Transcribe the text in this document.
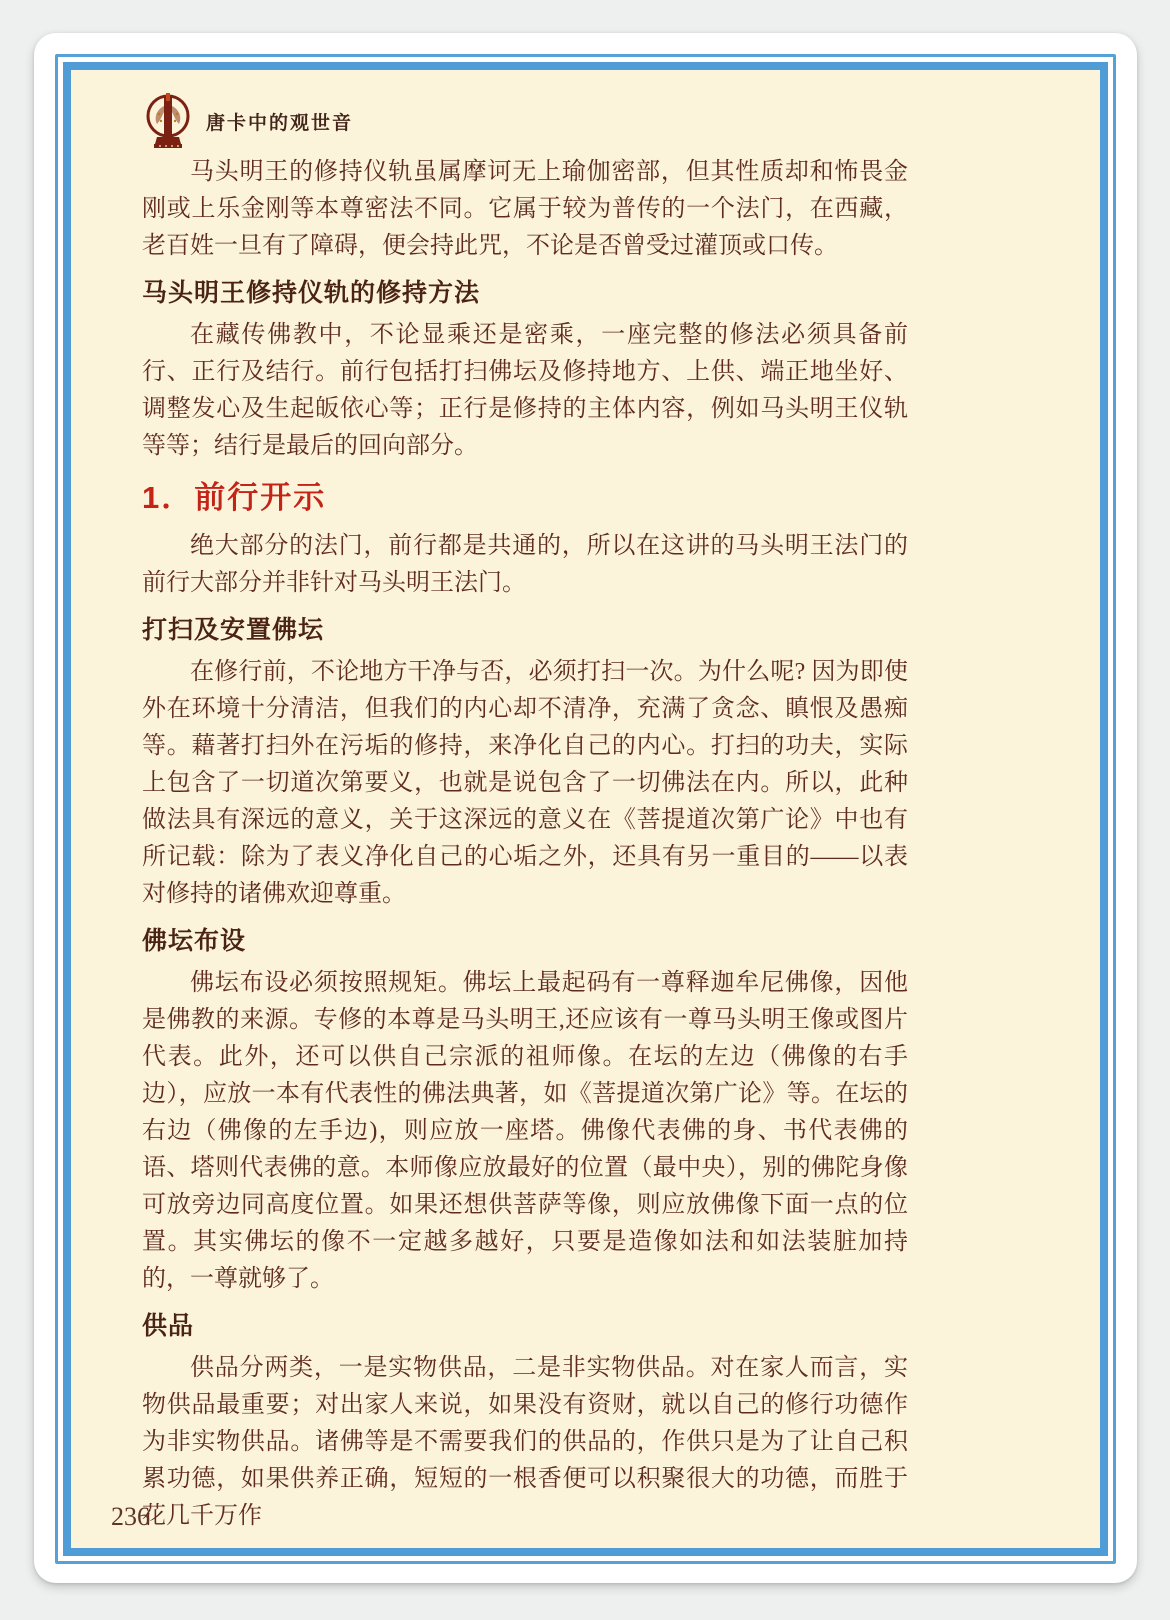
唐卡中的观世音

马头明王的修持仪轨虽属摩诃无上瑜伽密部，但其性质却和怖畏金刚或上乐金刚等本尊密法不同。它属于较为普传的一个法门，在西藏，老百姓一旦有了障碍，便会持此咒，不论是否曾受过灌顶或口传。

马头明王修持仪轨的修持方法

在藏传佛教中，不论显乘还是密乘，一座完整的修法必须具备前行、正行及结行。前行包括打扫佛坛及修持地方、上供、端正地坐好、调整发心及生起皈依心等；正行是修持的主体内容，例如马头明王仪轨等等；结行是最后的回向部分。

1．前行开示

绝大部分的法门，前行都是共通的，所以在这讲的马头明王法门的前行大部分并非针对马头明王法门。

打扫及安置佛坛

在修行前，不论地方干净与否，必须打扫一次。为什么呢? 因为即使外在环境十分清洁，但我们的内心却不清净，充满了贪念、瞋恨及愚痴等。藉著打扫外在污垢的修持，来净化自己的内心。打扫的功夫，实际上包含了一切道次第要义，也就是说包含了一切佛法在内。所以，此种做法具有深远的意义，关于这深远的意义在《菩提道次第广论》中也有所记载：除为了表义净化自己的心垢之外，还具有另一重目的——以表对修持的诸佛欢迎尊重。

佛坛布设

佛坛布设必须按照规矩。佛坛上最起码有一尊释迦牟尼佛像，因他是佛教的来源。专修的本尊是马头明王,还应该有一尊马头明王像或图片代表。此外，还可以供自己宗派的祖师像。在坛的左边（佛像的右手边），应放一本有代表性的佛法典著，如《菩提道次第广论》等。在坛的右边（佛像的左手边)，则应放一座塔。佛像代表佛的身、书代表佛的语、塔则代表佛的意。本师像应放最好的位置（最中央），别的佛陀身像可放旁边同高度位置。如果还想供菩萨等像，则应放佛像下面一点的位置。其实佛坛的像不一定越多越好，只要是造像如法和如法装脏加持的，一尊就够了。

供品

供品分两类，一是实物供品，二是非实物供品。对在家人而言，实物供品最重要；对出家人来说，如果没有资财，就以自己的修行功德作为非实物供品。诸佛等是不需要我们的供品的，作供只是为了让自己积累功德，如果供养正确，短短的一根香便可以积聚很大的功德，而胜于花几千万作

236
